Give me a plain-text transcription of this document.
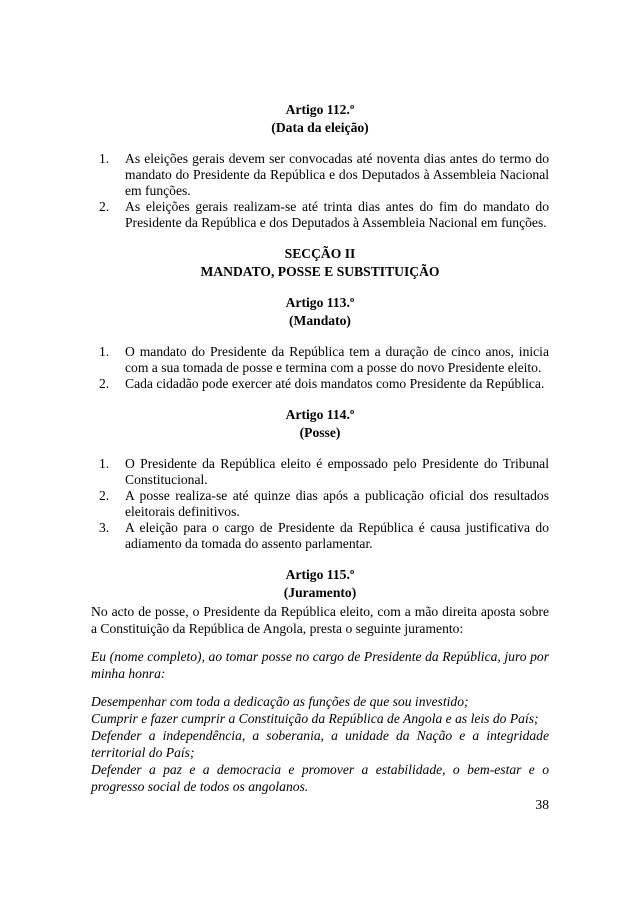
Artigo 112.º
(Data da eleição)
1. As eleições gerais devem ser convocadas até noventa dias antes do termo do mandato do Presidente da República e dos Deputados à Assembleia Nacional em funções.
2. As eleições gerais realizam-se até trinta dias antes do fim do mandato do Presidente da República e dos Deputados à Assembleia Nacional em funções.
SECÇÃO II
MANDATO, POSSE E SUBSTITUIÇÃO
Artigo 113.º
(Mandato)
1. O mandato do Presidente da República tem a duração de cinco anos, inicia com a sua tomada de posse e termina com a posse do novo Presidente eleito.
2. Cada cidadão pode exercer até dois mandatos como Presidente da República.
Artigo 114.º
(Posse)
1. O Presidente da República eleito é empossado pelo Presidente do Tribunal Constitucional.
2. A posse realiza-se até quinze dias após a publicação oficial dos resultados eleitorais definitivos.
3. A eleição para o cargo de Presidente da República é causa justificativa do adiamento da tomada do assento parlamentar.
Artigo 115.º
(Juramento)

No acto de posse, o Presidente da República eleito, com a mão direita aposta sobre a Constituição da República de Angola, presta o seguinte juramento:

Eu (nome completo), ao tomar posse no cargo de Presidente da República, juro por minha honra:

Desempenhar com toda a dedicação as funções de que sou investido;

Cumprir e fazer cumprir a Constituição da República de Angola e as leis do País;

Defender a independência, a soberania, a unidade da Nação e a integridade territorial do País;

Defender a paz e a democracia e promover a estabilidade, o bem-estar e o progresso social de todos os angolanos.

38
